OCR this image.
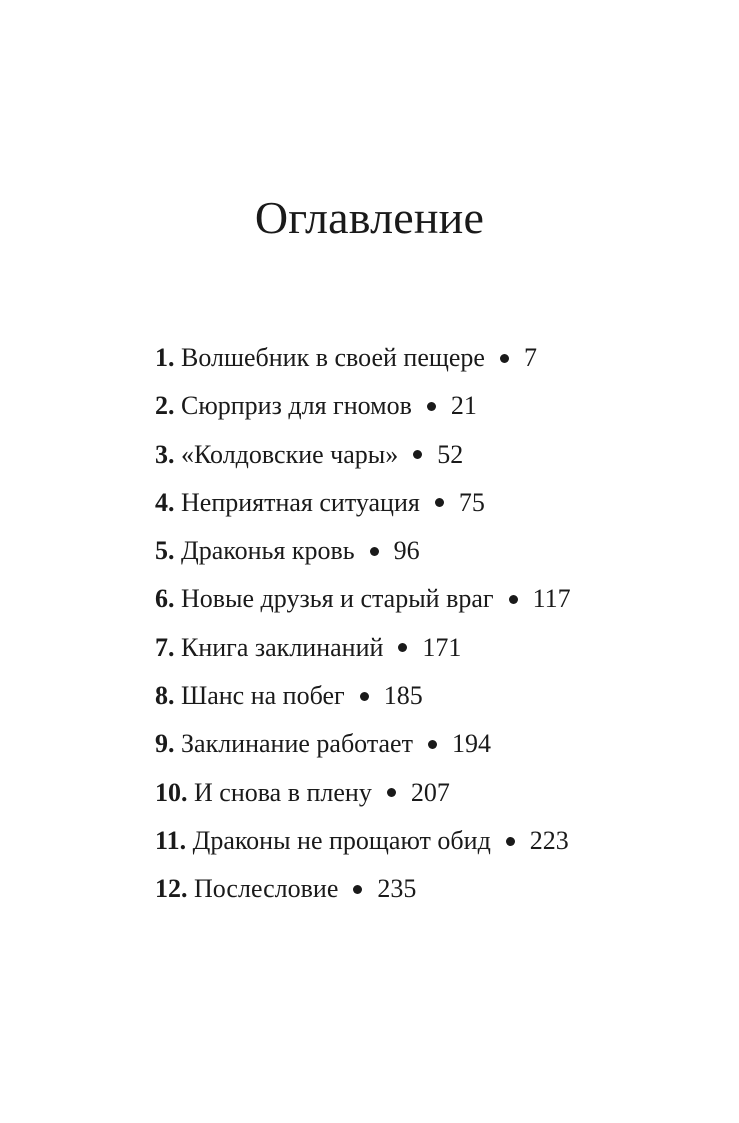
Оглавление
1. Волшебник в своей пещере 7
2. Сюрприз для гномов 21
3. «Колдовские чары» 52
4. Неприятная ситуация 75
5. Драконья кровь 96
6. Новые друзья и старый враг 117
7. Книга заклинаний 171
8. Шанс на побег 185
9. Заклинание работает 194
10. И снова в плену 207
11. Драконы не прощают обид 223
12. Послесловие 235
